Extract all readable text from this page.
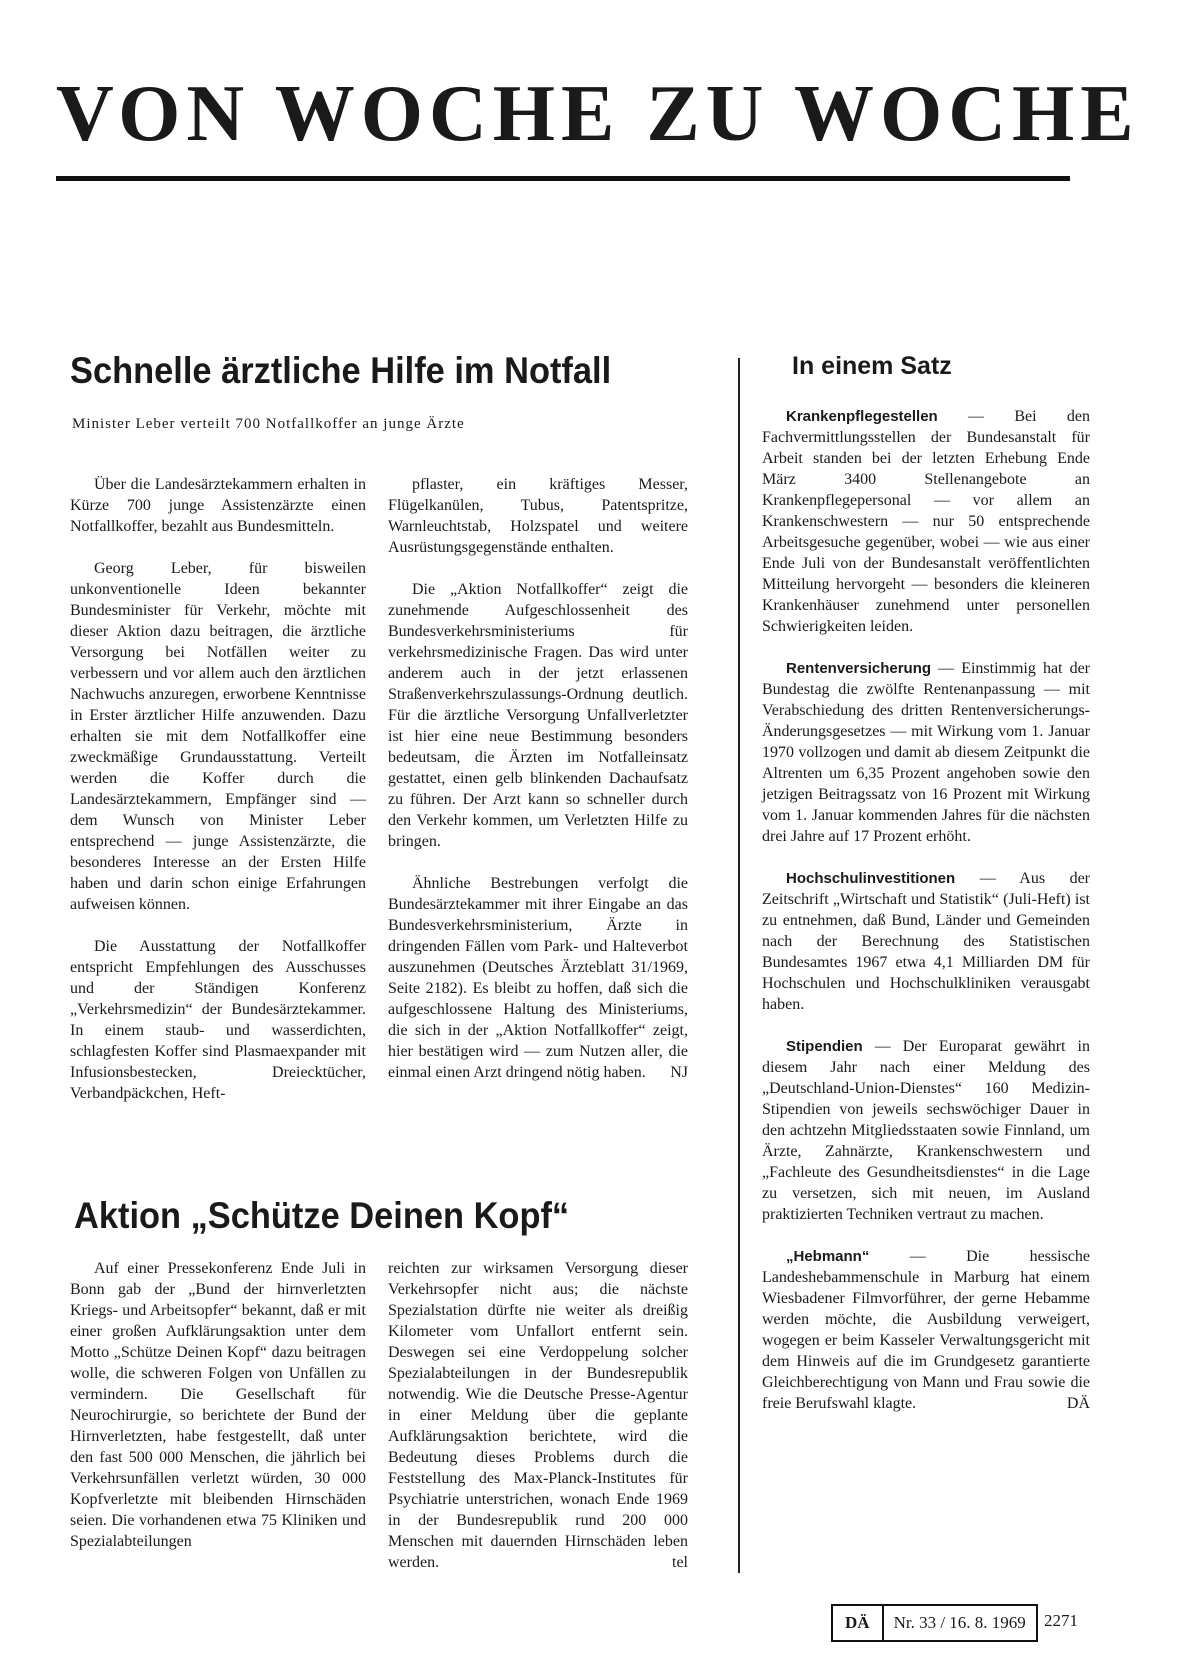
VON WOCHE ZU WOCHE
Schnelle ärztliche Hilfe im Notfall
Minister Leber verteilt 700 Notfallkoffer an junge Ärzte

Über die Landesärztekammern erhalten in Kürze 700 junge Assistenzärzte einen Notfallkoffer, bezahlt aus Bundesmitteln.

Georg Leber, für bisweilen unkonventionelle Ideen bekannter Bundesminister für Verkehr, möchte mit dieser Aktion dazu beitragen, die ärztliche Versorgung bei Notfällen weiter zu verbessern und vor allem auch den ärztlichen Nachwuchs anzuregen, erworbene Kenntnisse in Erster ärztlicher Hilfe anzuwenden. Dazu erhalten sie mit dem Notfallkoffer eine zweckmäßige Grundausstattung. Verteilt werden die Koffer durch die Landesärztekammern, Empfänger sind — dem Wunsch von Minister Leber entsprechend — junge Assistenzärzte, die besonderes Interesse an der Ersten Hilfe haben und darin schon einige Erfahrungen aufweisen können.

Die Ausstattung der Notfallkoffer entspricht Empfehlungen des Ausschusses und der Ständigen Konferenz „Verkehrsmedizin“ der Bundesärztekammer. In einem staub- und wasserdichten, schlagfesten Koffer sind Plasmaexpander mit Infusionsbestecken, Dreiecktücher, Verbandpäckchen, Heft-

pflaster, ein kräftiges Messer, Flügelkanülen, Tubus, Patentspritze, Warnleuchtstab, Holzspatel und weitere Ausrüstungsgegenstände enthalten.

Die „Aktion Notfallkoffer“ zeigt die zunehmende Aufgeschlossenheit des Bundesverkehrsministeriums für verkehrsmedizinische Fragen. Das wird unter anderem auch in der jetzt erlassenen Straßenverkehrszulassungs-Ordnung deutlich. Für die ärztliche Versorgung Unfallverletzter ist hier eine neue Bestimmung besonders bedeutsam, die Ärzten im Notfalleinsatz gestattet, einen gelb blinkenden Dachaufsatz zu führen. Der Arzt kann so schneller durch den Verkehr kommen, um Verletzten Hilfe zu bringen.

Ähnliche Bestrebungen verfolgt die Bundesärztekammer mit ihrer Eingabe an das Bundesverkehrsministerium, Ärzte in dringenden Fällen vom Park- und Halteverbot auszunehmen (Deutsches Ärzteblatt 31/1969, Seite 2182). Es bleibt zu hoffen, daß sich die aufgeschlossene Haltung des Ministeriums, die sich in der „Aktion Notfallkoffer“ zeigt, hier bestätigen wird — zum Nutzen aller, die einmal einen Arzt dringend nötig haben.	NJ

Aktion „Schütze Deinen Kopf“

Auf einer Pressekonferenz Ende Juli in Bonn gab der „Bund der hirnverletzten Kriegs- und Arbeitsopfer“ bekannt, daß er mit einer großen Aufklärungsaktion unter dem Motto „Schütze Deinen Kopf“ dazu beitragen wolle, die schweren Folgen von Unfällen zu vermindern. Die Gesellschaft für Neurochirurgie, so berichtete der Bund der Hirnverletzten, habe festgestellt, daß unter den fast 500 000 Menschen, die jährlich bei Verkehrsunfällen verletzt würden, 30 000 Kopfverletzte mit bleibenden Hirnschäden seien. Die vorhandenen etwa 75 Kliniken und Spezialabteilungen

reichten zur wirksamen Versorgung dieser Verkehrsopfer nicht aus; die nächste Spezialstation dürfte nie weiter als dreißig Kilometer vom Unfallort entfernt sein. Deswegen sei eine Verdoppelung solcher Spezialabteilungen in der Bundesrepublik notwendig. Wie die Deutsche Presse-Agentur in einer Meldung über die geplante Aufklärungsaktion berichtete, wird die Bedeutung dieses Problems durch die Feststellung des Max-Planck-Institutes für Psychiatrie unterstrichen, wonach Ende 1969 in der Bundesrepublik rund 200 000 Menschen mit dauernden Hirnschäden leben werden.	tel

In einem Satz

Krankenpflegestellen — Bei den Fachvermittlungsstellen der Bundesanstalt für Arbeit standen bei der letzten Erhebung Ende März 3400 Stellenangebote an Krankenpflegepersonal — vor allem an Krankenschwestern — nur 50 entsprechende Arbeitsgesuche gegenüber, wobei — wie aus einer Ende Juli von der Bundesanstalt veröffentlichten Mitteilung hervorgeht — besonders die kleineren Krankenhäuser zunehmend unter personellen Schwierigkeiten leiden.

Rentenversicherung — Einstimmig hat der Bundestag die zwölfte Rentenanpassung — mit Verabschiedung des dritten Rentenversicherungs-Änderungsgesetzes — mit Wirkung vom 1. Januar 1970 vollzogen und damit ab diesem Zeitpunkt die Altrenten um 6,35 Prozent angehoben sowie den jetzigen Beitragssatz von 16 Prozent mit Wirkung vom 1. Januar kommenden Jahres für die nächsten drei Jahre auf 17 Prozent erhöht.

Hochschulinvestitionen — Aus der Zeitschrift „Wirtschaft und Statistik“ (Juli-Heft) ist zu entnehmen, daß Bund, Länder und Gemeinden nach der Berechnung des Statistischen Bundesamtes 1967 etwa 4,1 Milliarden DM für Hochschulen und Hochschulkliniken verausgabt haben.

Stipendien — Der Europarat gewährt in diesem Jahr nach einer Meldung des „Deutschland-Union-Dienstes“ 160 Medizin-Stipendien von jeweils sechswöchiger Dauer in den achtzehn Mitgliedsstaaten sowie Finnland, um Ärzte, Zahnärzte, Krankenschwestern und „Fachleute des Gesundheitsdienstes“ in die Lage zu versetzen, sich mit neuen, im Ausland praktizierten Techniken vertraut zu machen.

„Hebmann“ — Die hessische Landeshebammenschule in Marburg hat einem Wiesbadener Filmvorführer, der gerne Hebamme werden möchte, die Ausbildung verweigert, wogegen er beim Kasseler Verwaltungsgericht mit dem Hinweis auf die im Grundgesetz garantierte Gleichberechtigung von Mann und Frau sowie die freie Berufswahl klagte.	DÄ

DÄ	Nr. 33 / 16. 8. 1969	2271
